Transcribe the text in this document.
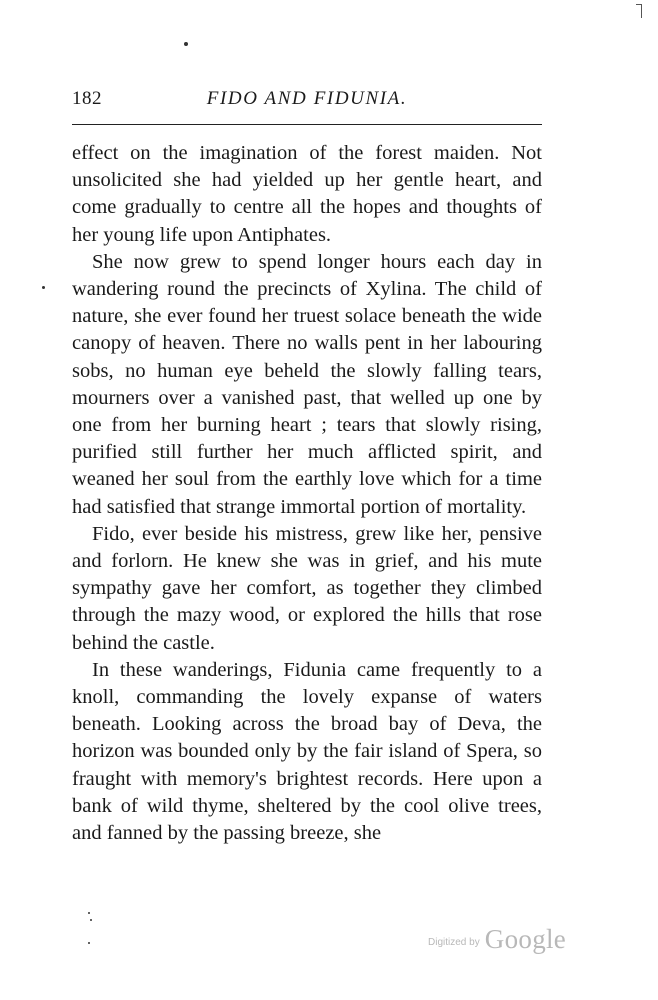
182	FIDO AND FIDUNIA.

effect on the imagination of the forest maiden. Not unsolicited she had yielded up her gentle heart, and come gradually to centre all the hopes and thoughts of her young life upon Antiphates.

She now grew to spend longer hours each day in wandering round the precincts of Xylina. The child of nature, she ever found her truest solace beneath the wide canopy of heaven. There no walls pent in her labouring sobs, no human eye beheld the slowly falling tears, mourners over a vanished past, that welled up one by one from her burning heart ; tears that slowly rising, purified still further her much afflicted spirit, and weaned her soul from the earthly love which for a time had satisfied that strange immortal portion of mortality.

Fido, ever beside his mistress, grew like her, pensive and forlorn. He knew she was in grief, and his mute sympathy gave her comfort, as together they climbed through the mazy wood, or explored the hills that rose behind the castle.

In these wanderings, Fidunia came frequently to a knoll, commanding the lovely expanse of waters beneath. Looking across the broad bay of Deva, the horizon was bounded only by the fair island of Spera, so fraught with memory's brightest records. Here upon a bank of wild thyme, sheltered by the cool olive trees, and fanned by the passing breeze, she

Digitized by Google
